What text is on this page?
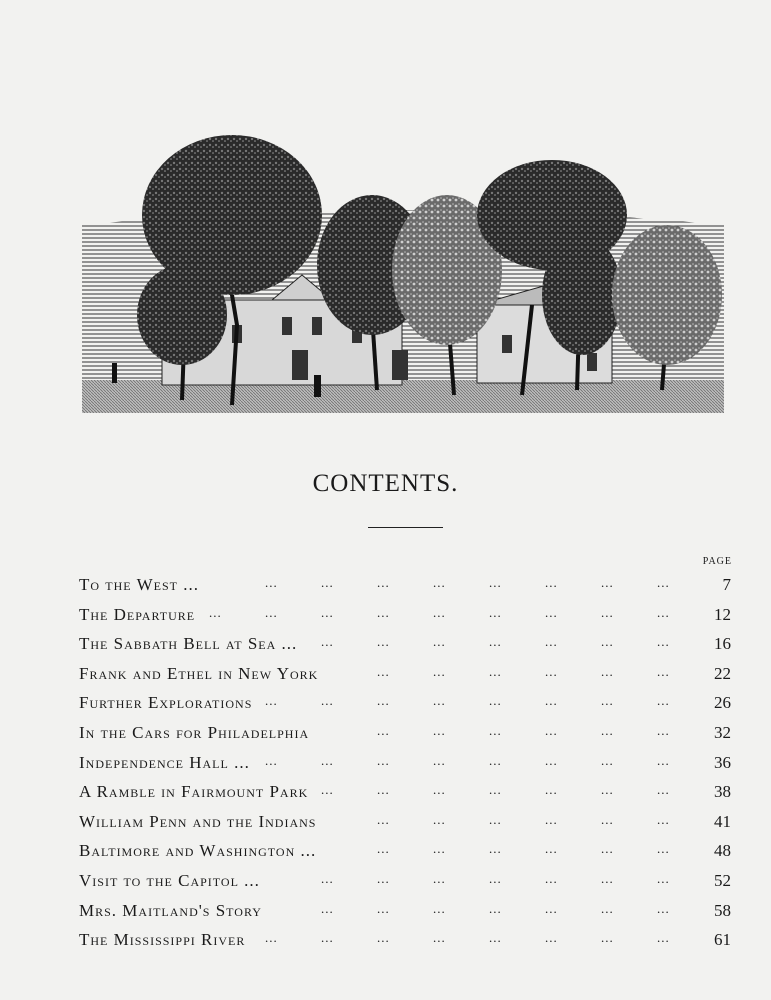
CONTENTS.
PAGE
To the West ...	...	...	...	...	...	...	...	...	7
The Departure ...	...	...	...	...	...	...	...	...	12
The Sabbath Bell at Sea ... ...	...	...	...	...	...	...	16
Frank and Ethel in New York	...	...	...	...	...	...	22
Further Explorations ...	...	...	...	...	...	...	...	26
In the Cars for Philadelphia	...	...	...	...	...	...	32
Independence Hall ... ...	...	...	...	...	...	...	...	36
A Ramble in Fairmount Park ...	...	...	...	...	...	...	38
William Penn and the Indians	...	...	...	...	...	...	41
Baltimore and Washington ...	...	...	...	...	...	...	48
Visit to the Capitol ...	...	...	...	...	...	...	...	52
Mrs. Maitland's Story	...	...	...	...	...	...	...	58
The Mississippi River ...	...	...	...	...	...	...	...	61
